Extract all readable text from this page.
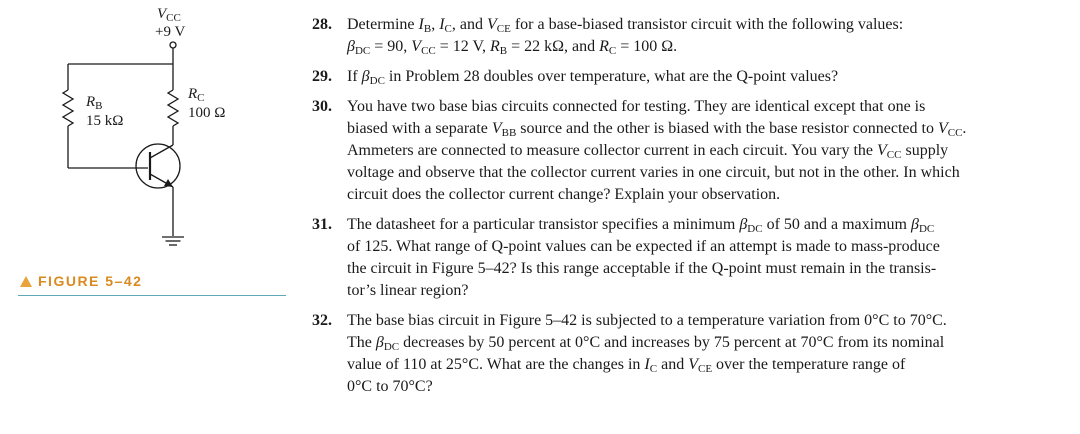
$V_{CC}$
+9 V
$R_B$
15 kΩ
$R_C$
100 Ω
FIGURE 5–42
28. Determine $I_B$, $I_C$, and $V_{CE}$ for a base-biased transistor circuit with the following values:

$\beta_{DC} = 90$, $V_{CC} = 12$ V, $R_B = 22$ kΩ, and $R_C = 100$ Ω.

29. If $\beta_{DC}$ in Problem 28 doubles over temperature, what are the Q-point values?

30. You have two base bias circuits connected for testing. They are identical except that one is

biased with a separate $V_{BB}$ source and the other is biased with the base resistor connected to $V_{CC}$.

Ammeters are connected to measure collector current in each circuit. You vary the $V_{CC}$ supply

voltage and observe that the collector current varies in one circuit, but not in the other. In which

circuit does the collector current change? Explain your observation.

31. The datasheet for a particular transistor specifies a minimum $\beta_{DC}$ of 50 and a maximum $\beta_{DC}$

of 125. What range of Q-point values can be expected if an attempt is made to mass-produce

the circuit in Figure 5–42? Is this range acceptable if the Q-point must remain in the transis-

tor’s linear region?

32. The base bias circuit in Figure 5–42 is subjected to a temperature variation from 0°C to 70°C.

The $\beta_{DC}$ decreases by 50 percent at 0°C and increases by 75 percent at 70°C from its nominal

value of 110 at 25°C. What are the changes in $I_C$ and $V_{CE}$ over the temperature range of

0°C to 70°C?
